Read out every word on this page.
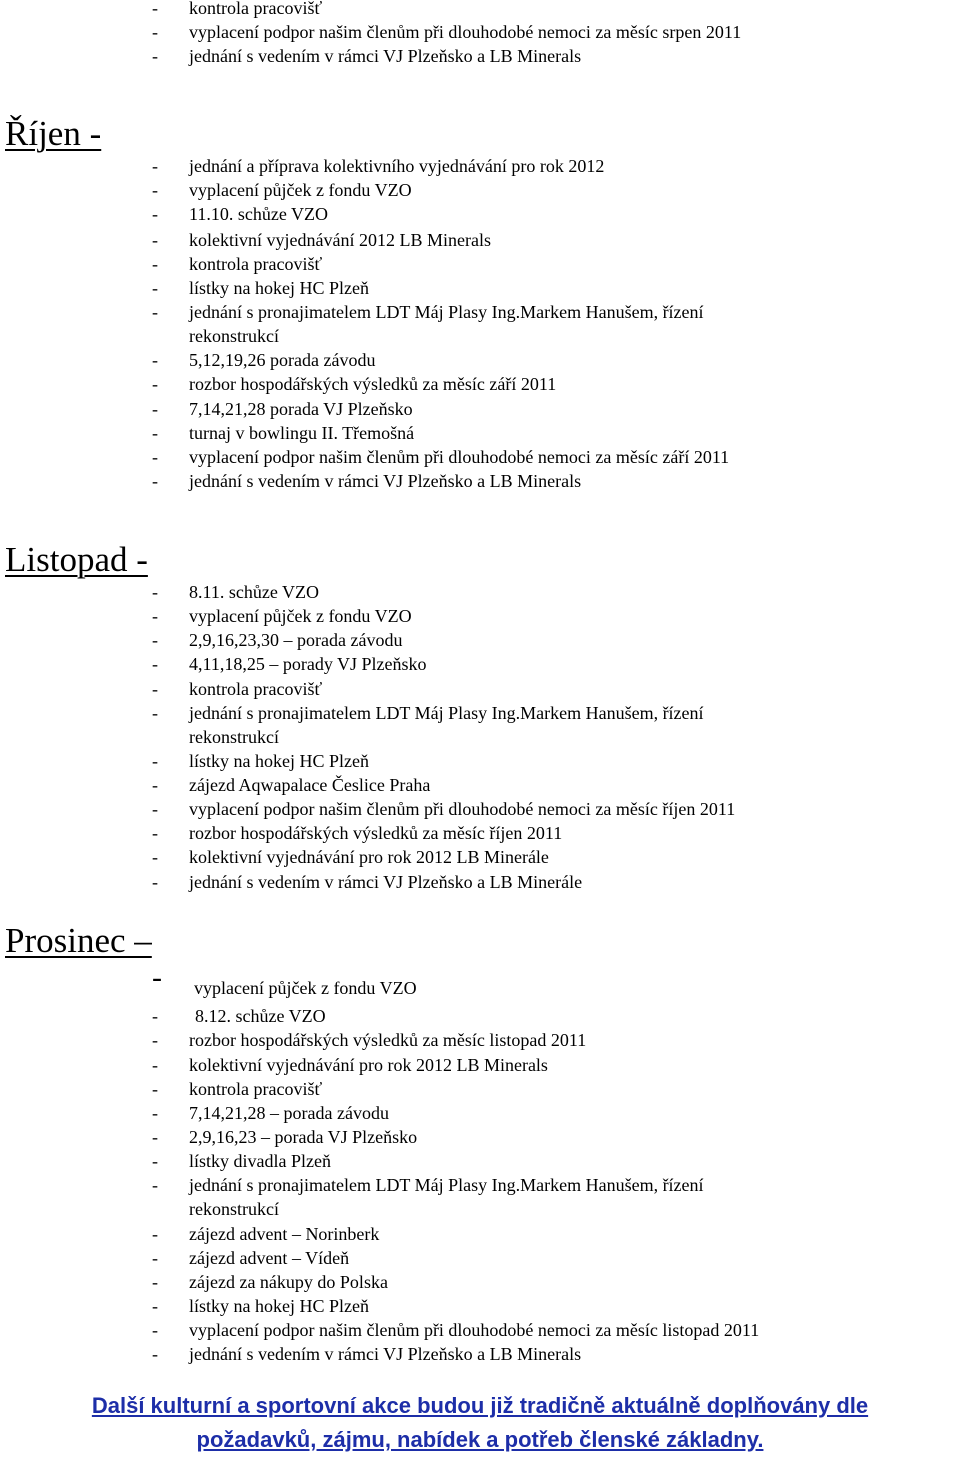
-	kontrola pracovišť
-	vyplacení podpor našim členům při dlouhodobé nemoci za měsíc srpen 2011
-	jednání s vedením v rámci VJ Plzeňsko a LB Minerals
Říjen -
-	jednání a příprava kolektivního vyjednávání pro rok 2012
-	vyplacení půjček z fondu VZO
-	11.10. schůze VZO
-	kolektivní vyjednávání 2012 LB Minerals
-	kontrola pracovišť
-	lístky na hokej HC Plzeň
-	jednání s pronajimatelem LDT Máj Plasy Ing.Markem Hanušem, řízení
rekonstrukcí
-	5,12,19,26 porada závodu
-	rozbor hospodářských výsledků za měsíc září 2011
-	7,14,21,28 porada VJ Plzeňsko
-	turnaj v bowlingu II. Třemošná
-	vyplacení podpor našim členům při dlouhodobé nemoci za měsíc září 2011
-	jednání s vedením v rámci VJ Plzeňsko a LB Minerals
Listopad -
-	8.11. schůze VZO
-	vyplacení půjček z fondu VZO
-	2,9,16,23,30 – porada závodu
-	4,11,18,25 – porady VJ Plzeňsko
-	kontrola pracovišť
-	jednání s pronajimatelem LDT Máj Plasy Ing.Markem Hanušem, řízení
rekonstrukcí
-	lístky na hokej HC Plzeň
-	zájezd Aqwapalace Česlice Praha
-	vyplacení podpor našim členům při dlouhodobé nemoci za měsíc říjen 2011
-	rozbor hospodářských výsledků za měsíc říjen 2011
-	kolektivní vyjednávání pro rok 2012 LB Minerále
-	jednání s vedením v rámci VJ Plzeňsko a LB Minerále
Prosinec –
-	vyplacení půjček z fondu VZO
-	8.12. schůze VZO
-	rozbor hospodářských výsledků za měsíc listopad 2011
-	kolektivní vyjednávání pro rok 2012 LB Minerals
-	kontrola pracovišť
-	7,14,21,28 – porada závodu
-	2,9,16,23 – porada VJ Plzeňsko
-	lístky divadla Plzeň
-	jednání s pronajimatelem LDT Máj Plasy Ing.Markem Hanušem, řízení
rekonstrukcí
-	zájezd advent – Norinberk
-	zájezd advent – Vídeň
-	zájezd za nákupy do Polska
-	lístky na hokej HC Plzeň
-	vyplacení podpor našim členům při dlouhodobé nemoci za měsíc listopad 2011
-	jednání s vedením v rámci VJ Plzeňsko a LB Minerals
Další kulturní a sportovní akce budou již tradičně aktuálně doplňovány dle
požadavků, zájmu, nabídek a potřeb členské základny.
